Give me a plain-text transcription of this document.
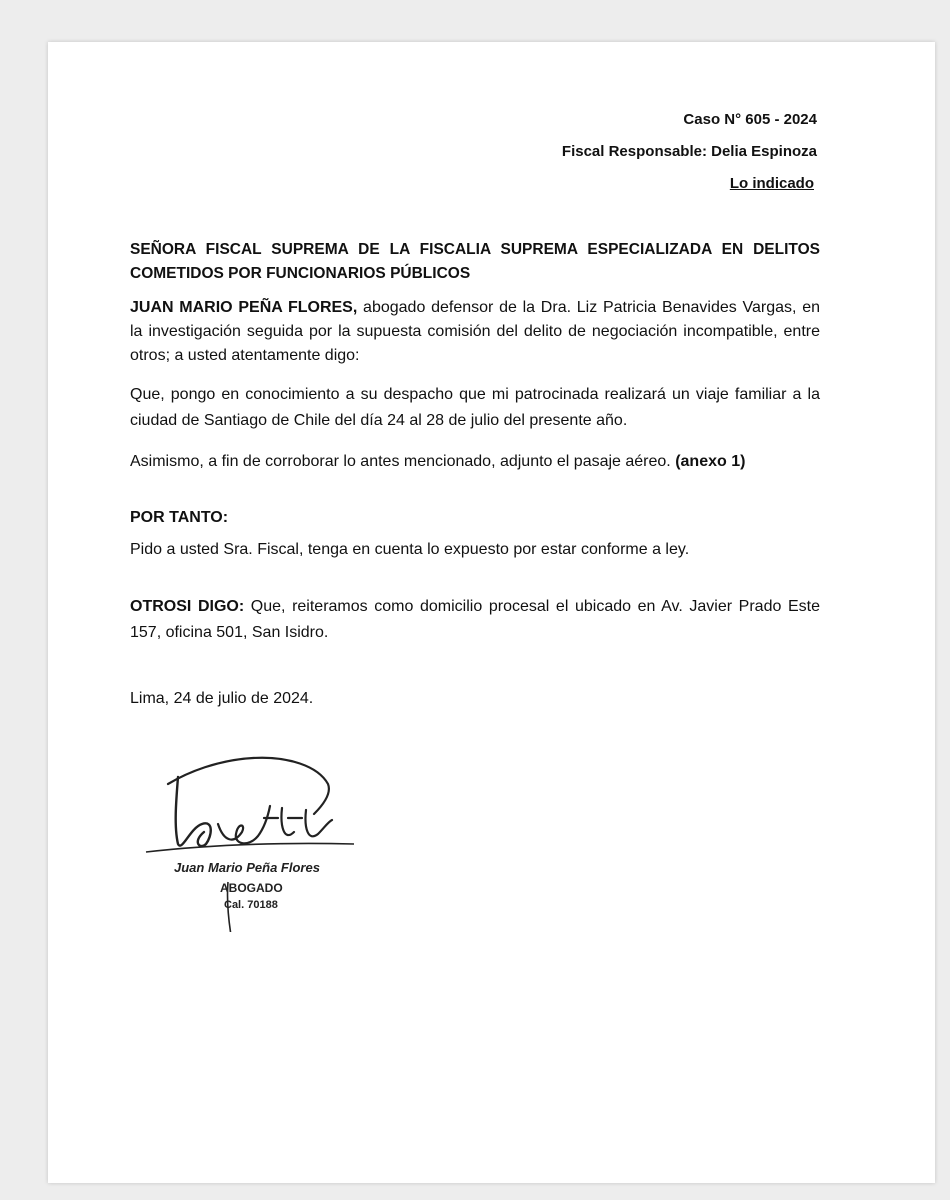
Caso N° 605 - 2024
Fiscal Responsable: Delia Espinoza
Lo indicado
SEÑORA FISCAL SUPREMA DE LA FISCALIA SUPREMA ESPECIALIZADA EN DELITOS COMETIDOS POR FUNCIONARIOS PÚBLICOS
JUAN MARIO PEÑA FLORES, abogado defensor de la Dra. Liz Patricia Benavides Vargas, en la investigación seguida por la supuesta comisión del delito de negociación incompatible, entre otros; a usted atentamente digo:
Que, pongo en conocimiento a su despacho que mi patrocinada realizará un viaje familiar a la ciudad de Santiago de Chile del día 24 al 28 de julio del presente año.
Asimismo, a fin de corroborar lo antes mencionado, adjunto el pasaje aéreo. (anexo 1)
POR TANTO:
Pido a usted Sra. Fiscal, tenga en cuenta lo expuesto por estar conforme a ley.
OTROSI DIGO: Que, reiteramos como domicilio procesal el ubicado en Av. Javier Prado Este 157, oficina 501, San Isidro.
Lima, 24 de julio de 2024.
Juan Mario Peña Flores
ABOGADO
Cal. 70188
